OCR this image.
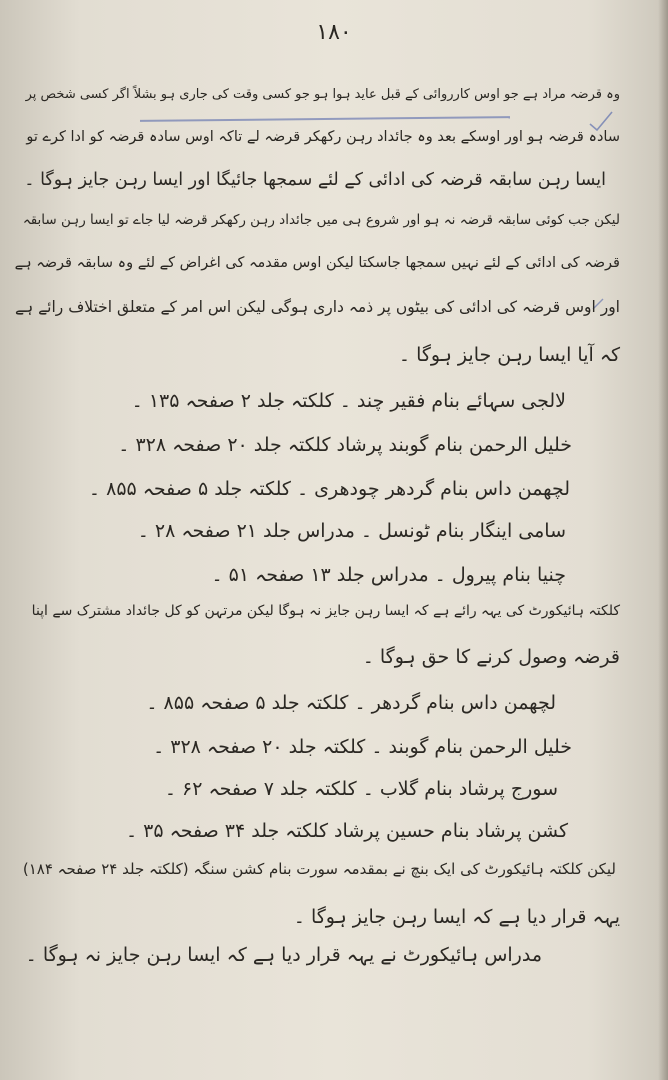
۱۸۰
وہ قرضہ مراد ہے جو اوس کارروائی کے قبل عاید ہوا ہو جو کسی وقت کی جاری ہو بشلاً اگر کسی شخص پر
سادہ قرضہ ہو اور اوسکے بعد وہ جائداد رہن رکھکر قرضہ لے تاکہ اوس سادہ قرضہ کو ادا کرے تو
ایسا رہن سابقہ قرضہ کی ادائی کے لئے سمجھا جائیگا اور ایسا رہن جایز ہوگا ۔
لیکن جب کوئی سابقہ قرضہ نہ ہو اور شروع ہی میں جائداد رہن رکھکر قرضہ لیا جاے تو ایسا رہن سابقہ
قرضہ کی ادائی کے لئے نہیں سمجھا جاسکتا لیکن اوس مقدمہ کی اغراض کے لئے وہ سابقہ قرضہ ہے
اور اوس قرضہ کی ادائی کی بیٹوں پر ذمہ داری ہوگی لیکن اس امر کے متعلق اختلاف رائے ہے
کہ آیا ایسا رہن جایز ہوگا ۔
لالجی سہائے بنام فقیر چند ۔ کلکتہ جلد ۲ صفحہ ۱۳۵ ۔
خلیل الرحمن بنام گوبند پرشاد کلکتہ جلد ۲۰ صفحہ ۳۲۸ ۔
لچھمن داس بنام گردھر چودھری ۔ کلکتہ جلد ۵ صفحہ ۸۵۵ ۔
سامی اینگار بنام ٹونسل ۔ مدراس جلد ۲۱ صفحہ ۲۸ ۔
چنیا بنام پیرول ۔ مدراس جلد ۱۳ صفحہ ۵۱ ۔
کلکتہ ہائیکورٹ کی یہہ رائے ہے کہ ایسا رہن جایز نہ ہوگا لیکن مرتہن کو کل جائداد مشترک سے اپنا
قرضہ وصول کرنے کا حق ہوگا ۔
لچھمن داس بنام گردھر ۔ کلکتہ جلد ۵ صفحہ ۸۵۵ ۔
خلیل الرحمن بنام گوبند ۔ کلکتہ جلد ۲۰ صفحہ ۳۲۸ ۔
سورج پرشاد بنام گلاب ۔ کلکتہ جلد ۷ صفحہ ۶۲ ۔
کشن پرشاد بنام حسین پرشاد کلکتہ جلد ۳۴ صفحہ ۳۵ ۔
لیکن کلکتہ ہائیکورٹ کی ایک بنچ نے بمقدمہ سورت بنام کشن سنگہ (کلکتہ جلد ۲۴ صفحہ ۱۸۴)
یہہ قرار دیا ہے کہ ایسا رہن جایز ہوگا ۔
مدراس ہائیکورٹ نے یہہ قرار دیا ہے کہ ایسا رہن جایز نہ ہوگا ۔
